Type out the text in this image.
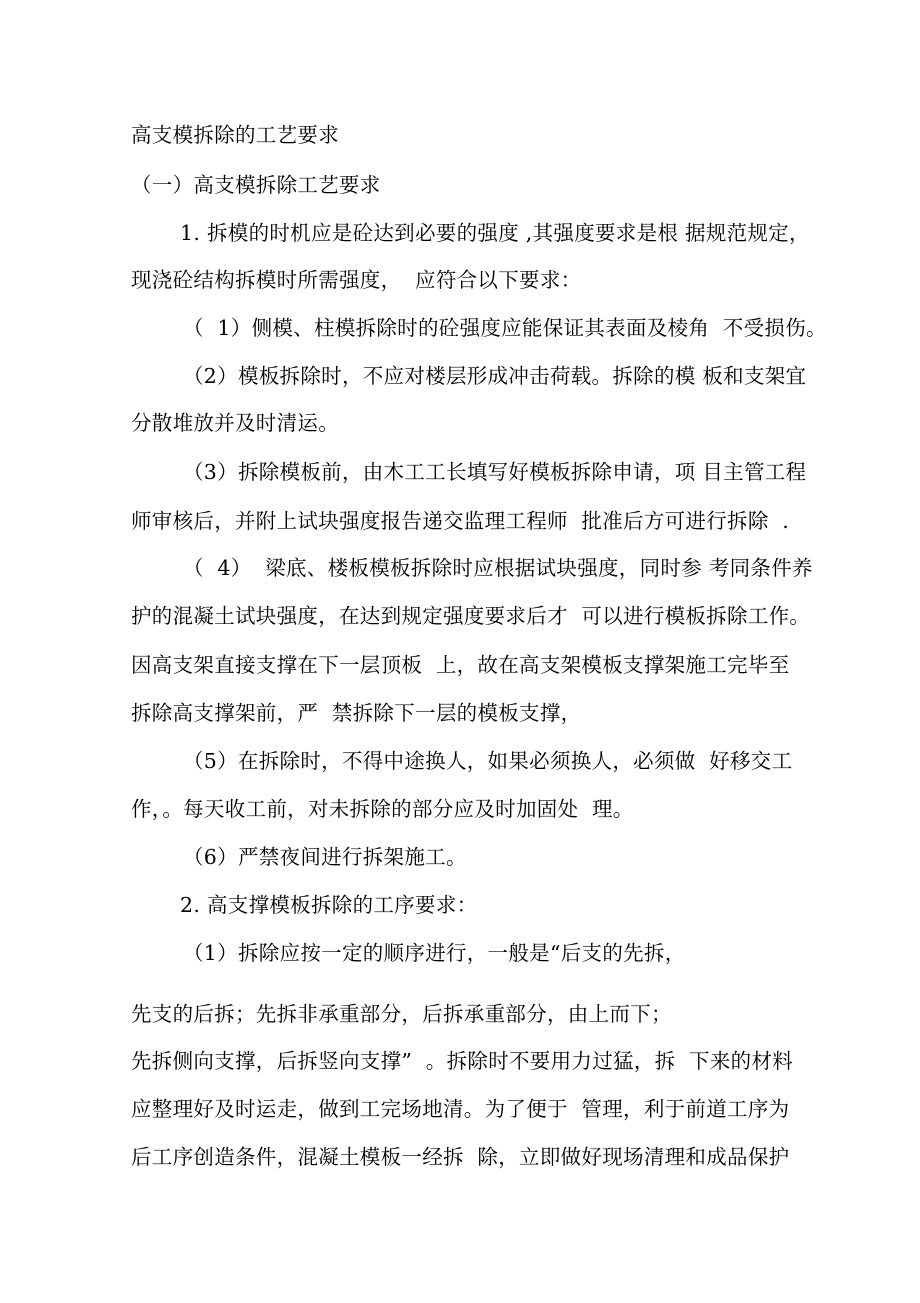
高支模拆除的工艺要求
（一）高支模拆除工艺要求
1. 拆模的时机应是砼达到必要的强度 ,其强度要求是根 据规范规定，
现浇砼结构拆模时所需强度，  应符合以下要求：
（  1）侧模、柱模拆除时的砼强度应能保证其表面及棱角  不受损伤。
（2）模板拆除时，不应对楼层形成冲击荷载。拆除的模 板和支架宜
分散堆放并及时清运。
（3）拆除模板前，由木工工长填写好模板拆除申请，项 目主管工程
师审核后，并附上试块强度报告递交监理工程师  批准后方可进行拆除  .
（  4）  梁底、楼板模板拆除时应根据试块强度，同时参 考同条件养
护的混凝土试块强度，在达到规定强度要求后才  可以进行模板拆除工作。
因高支架直接支撑在下一层顶板  上，故在高支架模板支撑架施工完毕至
拆除高支撑架前，严  禁拆除下一层的模板支撑，
（5）在拆除时，不得中途换人，如果必须换人，必须做  好移交工
作，。每天收工前，对未拆除的部分应及时加固处  理。
（6）严禁夜间进行拆架施工。
2. 高支撑模板拆除的工序要求：
（1）拆除应按一定的顺序进行，一般是“后支的先拆，
先支的后拆；先拆非承重部分，后拆承重部分，由上而下；
先拆侧向支撑，后拆竖向支撑”  。拆除时不要用力过猛，拆  下来的材料
应整理好及时运走，做到工完场地清。为了便于  管理，利于前道工序为
后工序创造条件，混凝土模板一经拆  除，立即做好现场清理和成品保护
